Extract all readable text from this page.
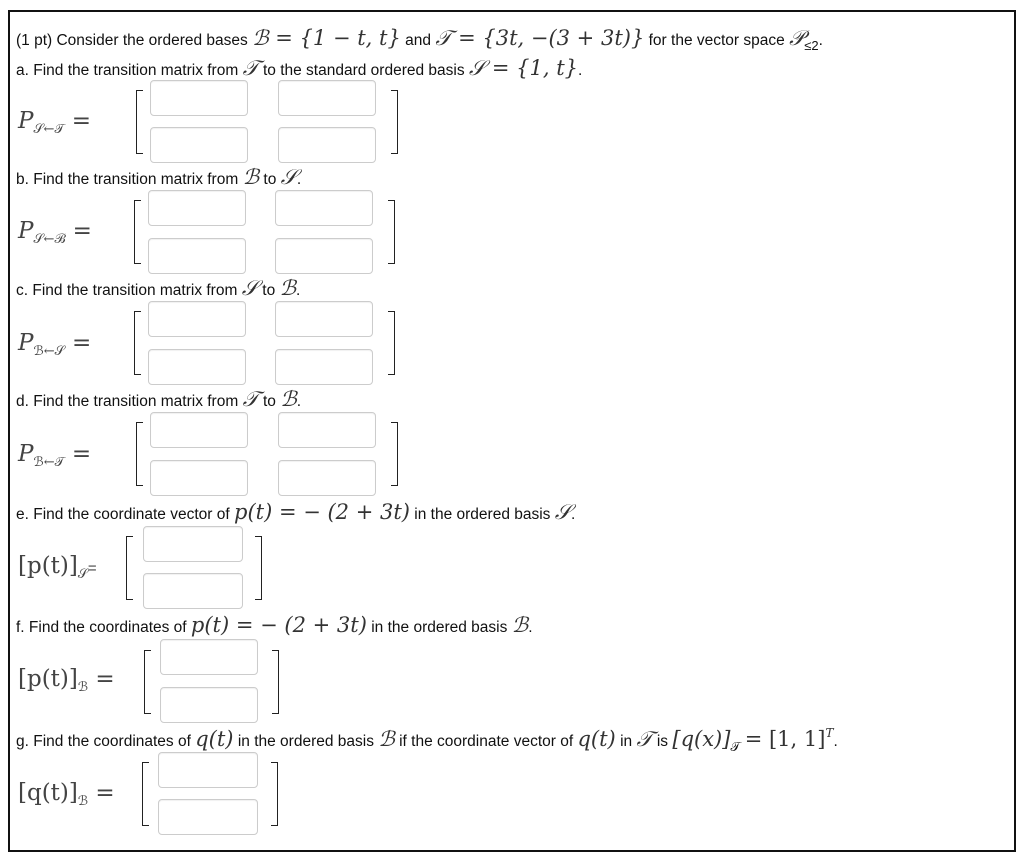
(1 pt) Consider the ordered bases ℬ = {1 − t, t} and 𝒯 = {3t, −(3 + 3t)} for the vector space 𝒫$_{\le 2}$.
a. Find the transition matrix from 𝒯 to the standard ordered basis 𝒮 = {1, t}.
$P_{𝒮\leftarrow 𝒯}$ =
b. Find the transition matrix from ℬ to 𝒮.
$P_{𝒮\leftarrow ℬ}$ =
c. Find the transition matrix from 𝒮 to ℬ.
$P_{ℬ\leftarrow 𝒮}$ =
d. Find the transition matrix from 𝒯 to ℬ.
$P_{ℬ\leftarrow 𝒯}$ =
e. Find the coordinate vector of p(t) = − (2 + 3t) in the ordered basis 𝒮.
$[p(t)]_𝒮=$
f. Find the coordinates of p(t) = − (2 + 3t) in the ordered basis ℬ.
$[p(t)]_ℬ$ =
g. Find the coordinates of q(t) in the ordered basis ℬ if the coordinate vector of q(t) in 𝒯 is $[q(x)]_𝒯 = [1$, 1]$^T$.
$[q(t)]_ℬ$ =
